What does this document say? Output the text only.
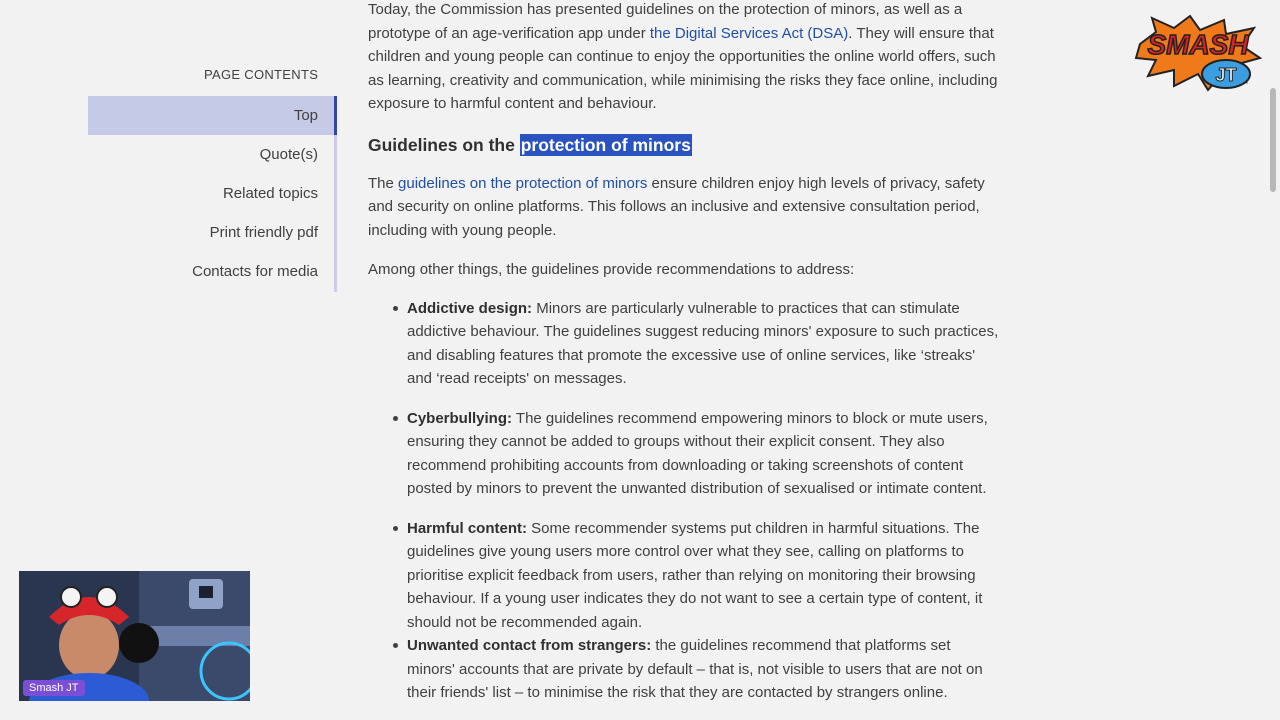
PAGE CONTENTS
Top
Quote(s)
Related topics
Print friendly pdf
Contacts for media

Today, the Commission has presented guidelines on the protection of minors, as well as a
prototype of an age-verification app under the Digital Services Act (DSA). They will ensure that children and young people can continue to enjoy the opportunities the online world offers, such as learning, creativity and communication, while minimising the risks they face online, including exposure to harmful content and behaviour.

Guidelines on the protection of minors

The guidelines on the protection of minors ensure children enjoy high levels of privacy, safety and security on online platforms. This follows an inclusive and extensive consultation period, including with young people.

Among other things, the guidelines provide recommendations to address:

Addictive design: Minors are particularly vulnerable to practices that can stimulate addictive behaviour. The guidelines suggest reducing minors' exposure to such practices, and disabling features that promote the excessive use of online services, like ‘streaks' and ‘read receipts' on messages.
Cyberbullying: The guidelines recommend empowering minors to block or mute users, ensuring they cannot be added to groups without their explicit consent. They also recommend prohibiting accounts from downloading or taking screenshots of content posted by minors to prevent the unwanted distribution of sexualised or intimate content.
Harmful content: Some recommender systems put children in harmful situations. The guidelines give young users more control over what they see, calling on platforms to prioritise explicit feedback from users, rather than relying on monitoring their browsing behaviour. If a young user indicates they do not want to see a certain type of content, it should not be recommended again.
Unwanted contact from strangers: the guidelines recommend that platforms set minors' accounts that are private by default – that is, not visible to users that are not on their friends' list – to minimise the risk that they are contacted by strangers online.
SMASH
JT
Smash JT
